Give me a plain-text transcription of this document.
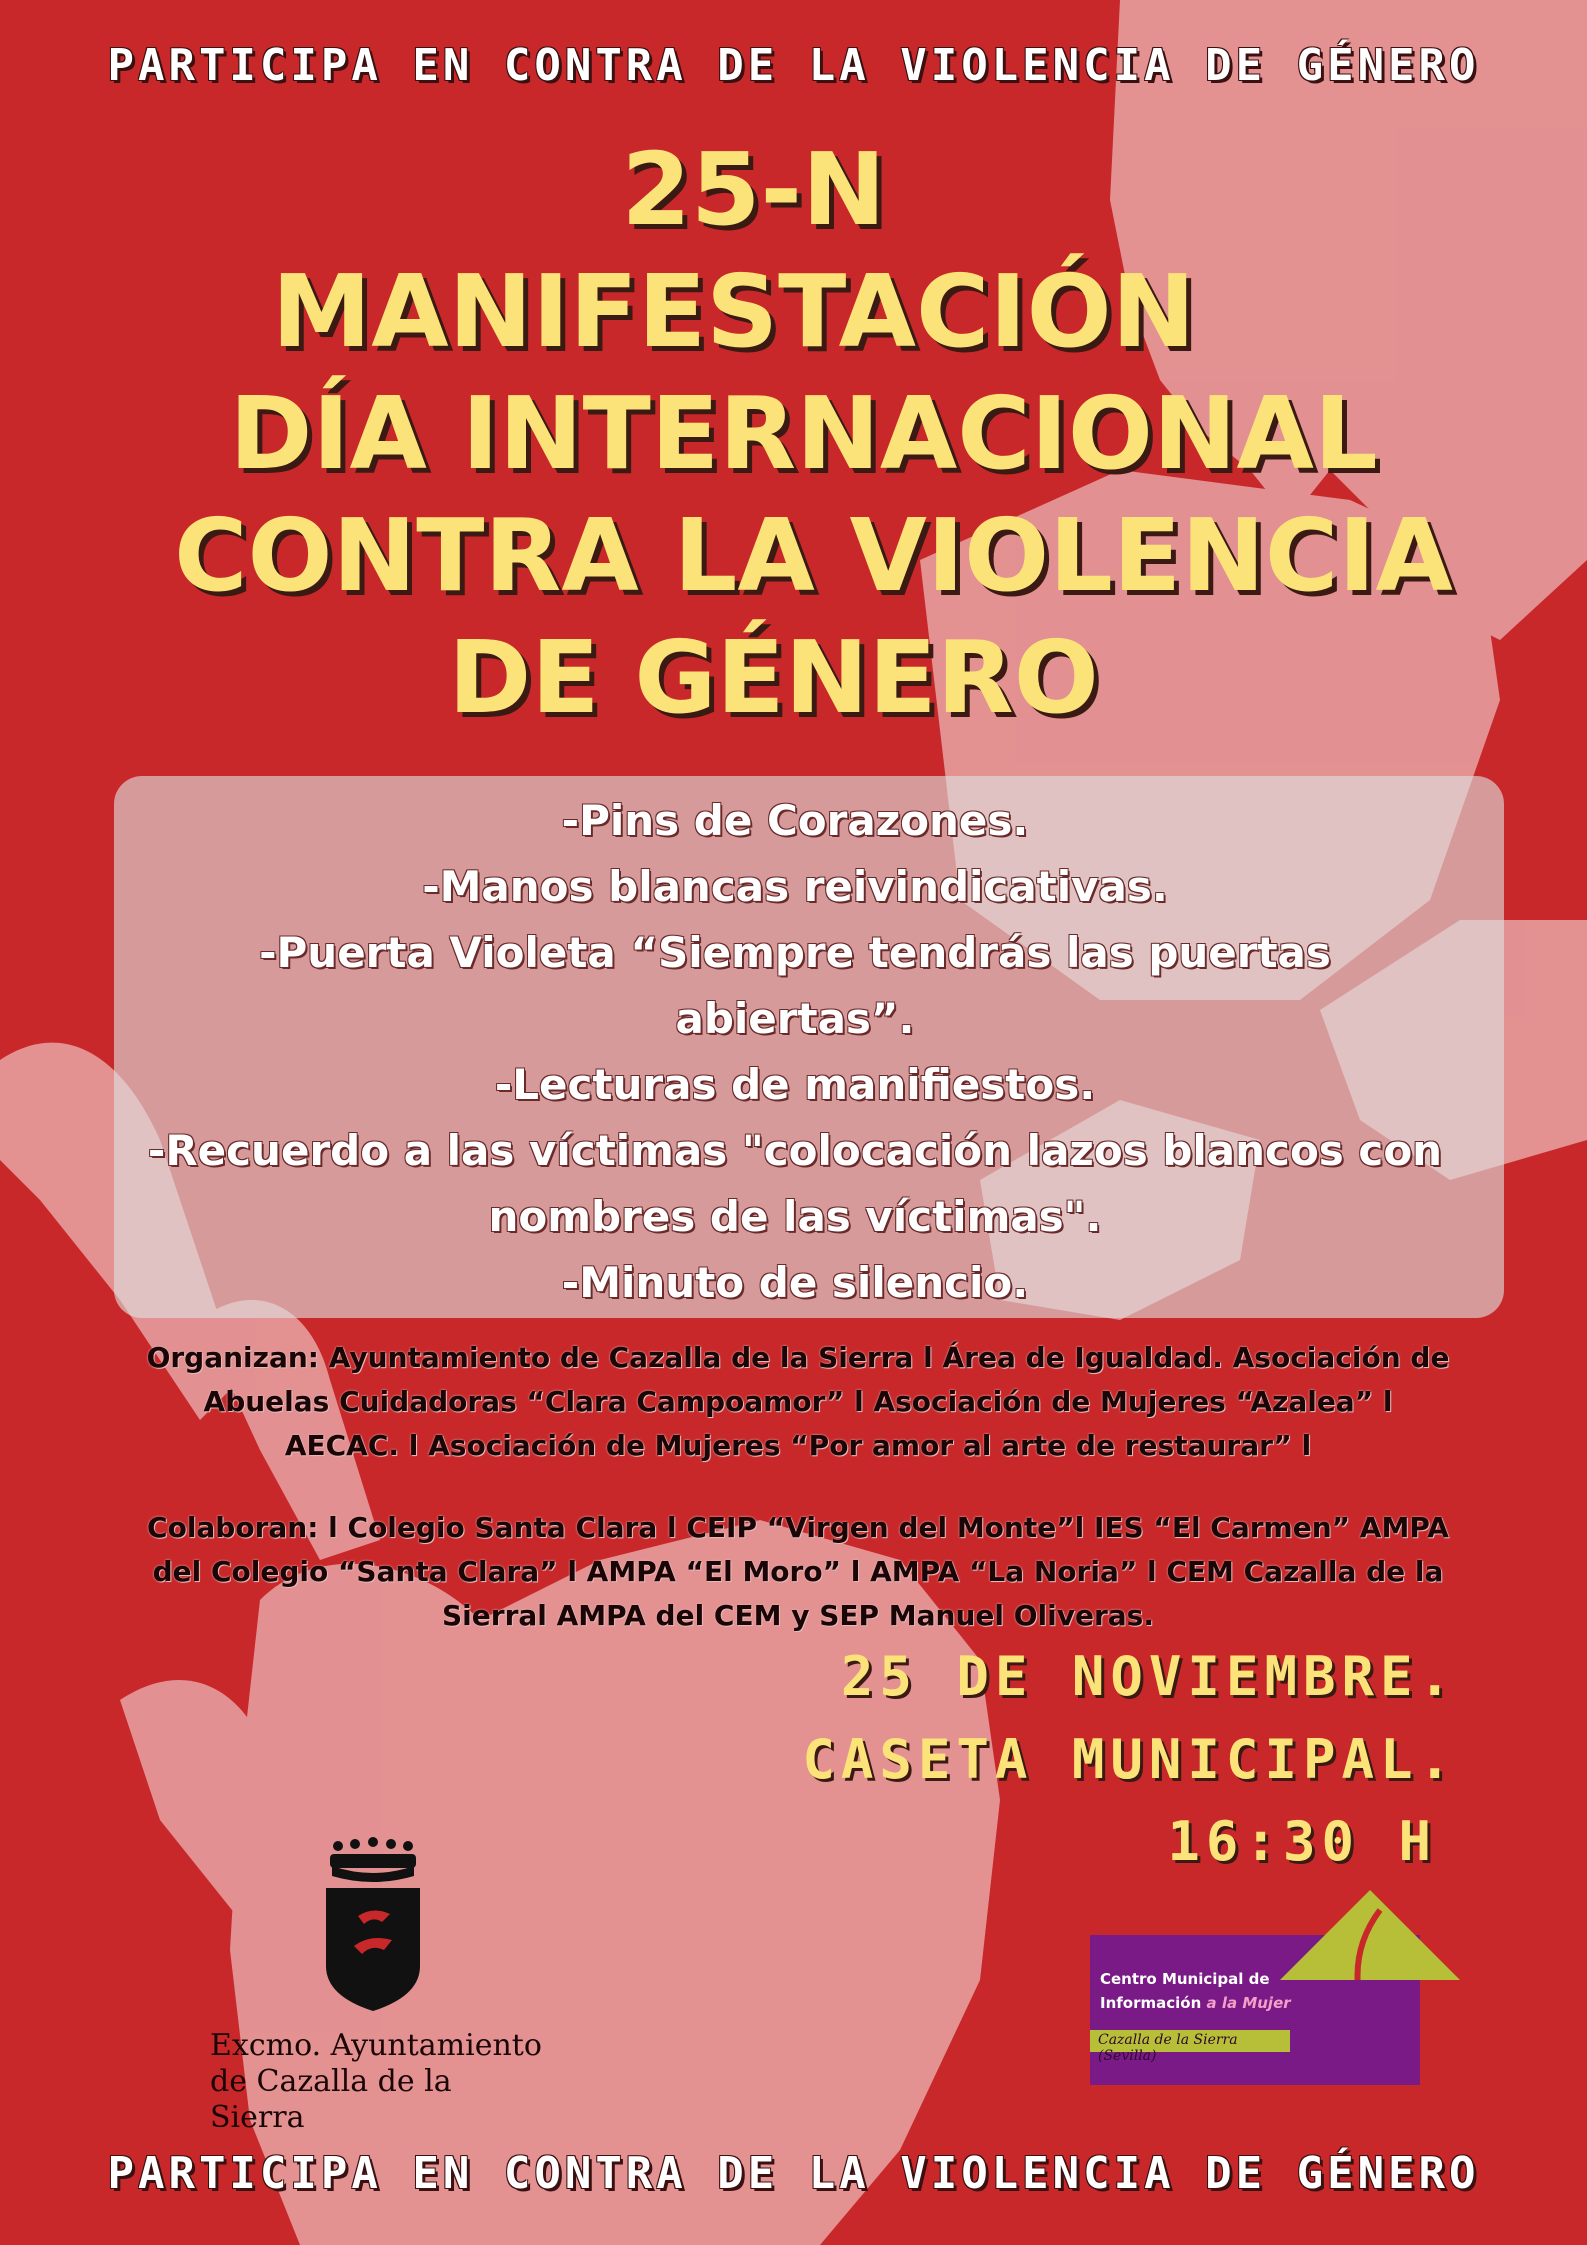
PARTICIPA EN CONTRA DE LA VIOLENCIA DE GÉNERO
25-N
MANIFESTACIÓN
DÍA INTERNACIONAL
CONTRA LA VIOLENCIA
DE GÉNERO
-Pins de Corazones.
-Manos blancas reivindicativas.
-Puerta Violeta “Siempre tendrás las puertas
abiertas”.
-Lecturas de manifiestos.
-Recuerdo a las víctimas "colocación lazos blancos con
nombres de las víctimas".
-Minuto de silencio.
Organizan: Ayuntamiento de Cazalla de la Sierra l Área de Igualdad. Asociación de
Abuelas Cuidadoras “Clara Campoamor” l Asociación de Mujeres “Azalea” l
AECAC. l Asociación de Mujeres “Por amor al arte de restaurar” l
Colaboran: l Colegio Santa Clara l CEIP “Virgen del Monte”l IES “El Carmen” AMPA
del Colegio “Santa Clara” l AMPA “El Moro” l AMPA “La Noria” l CEM Cazalla de la
Sierral AMPA del CEM y SEP Manuel Oliveras.
25 DE NOVIEMBRE.
CASETA MUNICIPAL.
16:30 H
Excmo. Ayuntamiento
de Cazalla de la Sierra
Centro Municipal de
Información a la Mujer
Cazalla de la Sierra (Sevilla)
PARTICIPA EN CONTRA DE LA VIOLENCIA DE GÉNERO
